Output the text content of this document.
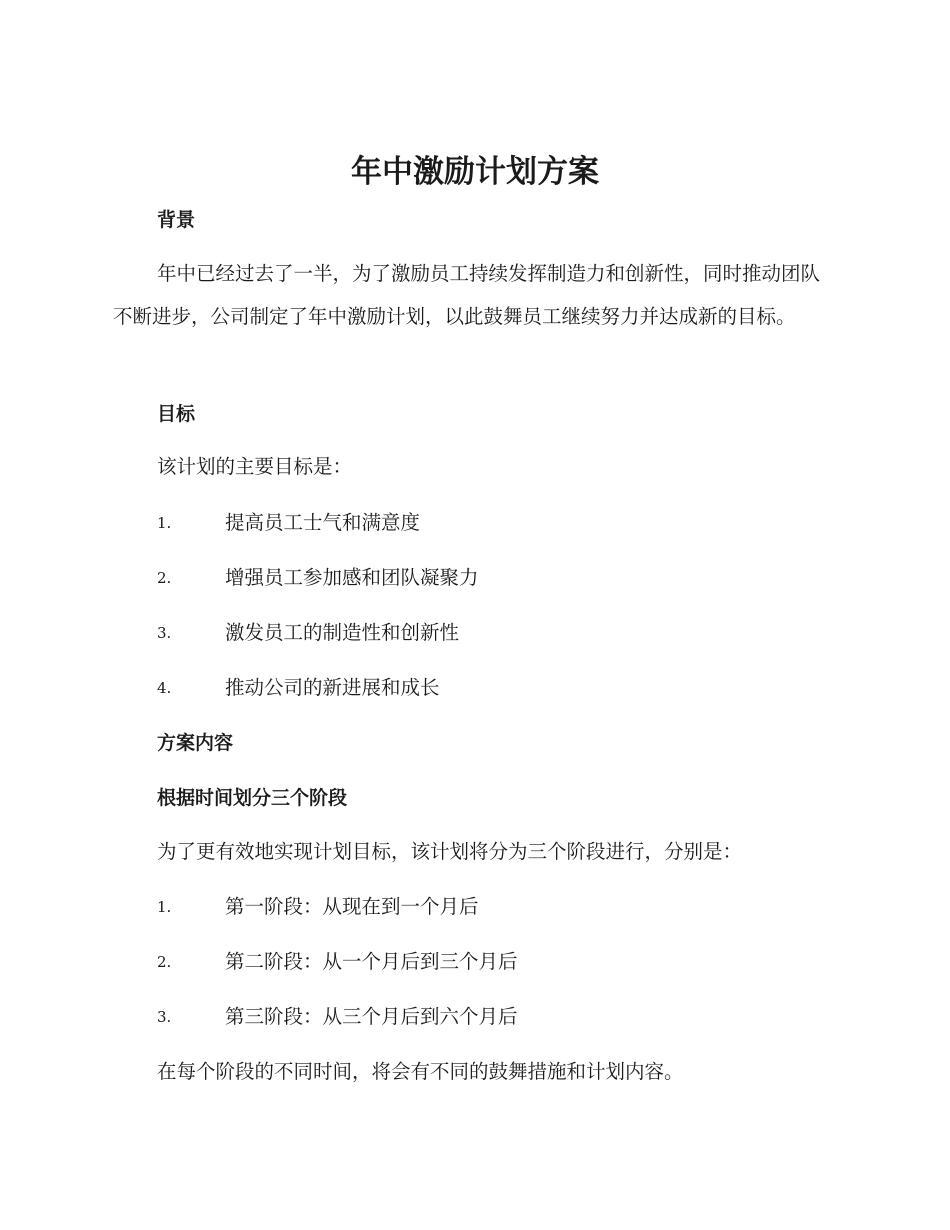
年中激励计划方案
背景

年中已经过去了一半，为了激励员工持续发挥制造力和创新性，同时推动团队不断进步，公司制定了年中激励计划，以此鼓舞员工继续努力并达成新的目标。

目标

该计划的主要目标是：

1.	提高员工士气和满意度
2.	增强员工参加感和团队凝聚力
3.	激发员工的制造性和创新性
4.	推动公司的新进展和成长
方案内容
根据时间划分三个阶段

为了更有效地实现计划目标，该计划将分为三个阶段进行，分别是：

1.	第一阶段：从现在到一个月后
2.	第二阶段：从一个月后到三个月后
3.	第三阶段：从三个月后到六个月后

在每个阶段的不同时间，将会有不同的鼓舞措施和计划内容。
